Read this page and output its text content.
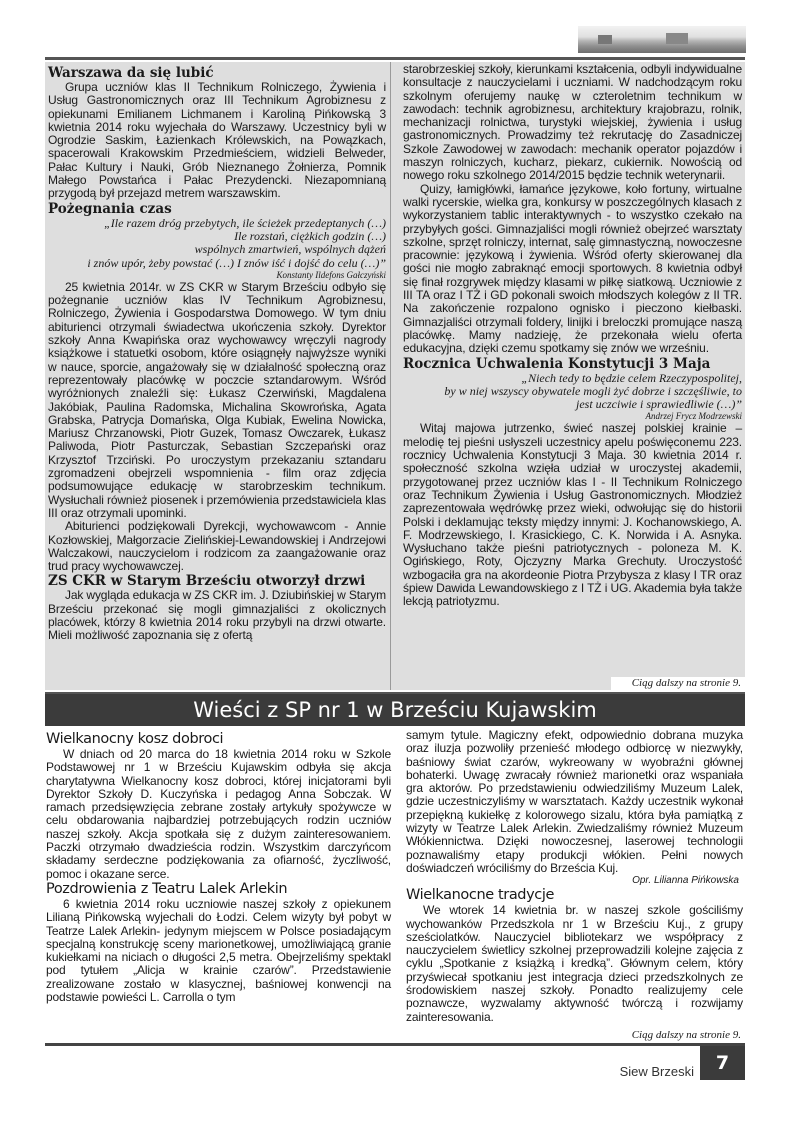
Warszawa da się lubić

Grupa uczniów klas II Technikum Rolniczego, Żywienia i Usług Gastronomicznych oraz III Technikum Agrobiznesu z opiekunami Emilianem Lichmanem i Karoliną Pińkowską 3 kwietnia 2014 roku wyjechała do Warszawy. Uczestnicy byli w Ogrodzie Saskim, Łazienkach Królewskich, na Powązkach, spacerowali Krakowskim Przedmieściem, widzieli Belweder, Pałac Kultury i Nauki, Grób Nieznanego Żołnierza, Pomnik Małego Powstańca i Pałac Prezydencki. Niezapomnianą przygodą był przejazd metrem warszawskim.

Pożegnania czas

„Ile razem dróg przebytych, ile ścieżek przedeptanych (…)

Ile rozstań, ciężkich godzin (…)

wspólnych zmartwień, wspólnych dążeń

i znów upór, żeby powstać (…) I znów iść i dojść do celu (…)”

Konstanty Ildefons Gałczyński

25 kwietnia 2014r. w ZS CKR w Starym Brześciu odbyło się pożegnanie uczniów klas IV Technikum Agrobiznesu, Rolniczego, Żywienia i Gospodarstwa Domowego. W tym dniu abiturienci otrzymali świadectwa ukończenia szkoły. Dyrektor szkoły Anna Kwapińska oraz wychowawcy wręczyli nagrody książkowe i statuetki osobom, które osiągnęły najwyższe wyniki w nauce, sporcie, angażowały się w działalność społeczną oraz reprezentowały placówkę w poczcie sztandarowym. Wśród wyróżnionych znaleźli się: Łukasz Czerwiński, Magdalena Jakóbiak, Paulina Radomska, Michalina Skowrońska, Agata Grabska, Patrycja Domańska, Olga Kubiak, Ewelina Nowicka, Mariusz Chrzanowski, Piotr Guzek, Tomasz Owczarek, Łukasz Paliwoda, Piotr Pasturczak, Sebastian Szczepański oraz Krzysztof Trzciński. Po uroczystym przekazaniu sztandaru zgromadzeni obejrzeli wspomnienia - film oraz zdjęcia podsumowujące edukację w starobrzeskim technikum. Wysłuchali również piosenek i przemówienia przedstawiciela klas III oraz otrzymali upominki.

Abiturienci podziękowali Dyrekcji, wychowawcom - Annie Kozłowskiej, Małgorzacie Zielińskiej-Lewandowskiej i Andrzejowi Walczakowi, nauczycielom i rodzicom za zaangażowanie oraz trud pracy wychowawczej.

ZS CKR w Starym Brześciu otworzył drzwi

Jak wygląda edukacja w ZS CKR im. J. Dziubińskiej w Starym Brześciu przekonać się mogli gimnazjaliści z okolicznych placówek, którzy 8 kwietnia 2014 roku przybyli na drzwi otwarte. Mieli możliwość zapoznania się z ofertą

starobrzeskiej szkoły, kierunkami kształcenia, odbyli indywidualne konsultacje z nauczycielami i uczniami. W nadchodzącym roku szkolnym oferujemy naukę w czteroletnim technikum w zawodach: technik agrobiznesu, architektury krajobrazu, rolnik, mechanizacji rolnictwa, turystyki wiejskiej, żywienia i usług gastronomicznych. Prowadzimy też rekrutację do Zasadniczej Szkole Zawodowej w zawodach: mechanik operator pojazdów i maszyn rolniczych, kucharz, piekarz, cukiernik. Nowością od nowego roku szkolnego 2014/2015 będzie technik weterynarii.

Quizy, łamigłówki, łamańce językowe, koło fortuny, wirtualne walki rycerskie, wielka gra, konkursy w poszczególnych klasach z wykorzystaniem tablic interaktywnych - to wszystko czekało na przybyłych gości. Gimnazjaliści mogli również obejrzeć warsztaty szkolne, sprzęt rolniczy, internat, salę gimnastyczną, nowoczesne pracownie: językową i żywienia. Wśród oferty skierowanej dla gości nie mogło zabraknąć emocji sportowych. 8 kwietnia odbył się finał rozgrywek między klasami w piłkę siatkową. Uczniowie z III TA oraz I TŻ i GD pokonali swoich młodszych kolegów z II TR. Na zakończenie rozpalono ognisko i pieczono kiełbaski. Gimnazjaliści otrzymali foldery, linijki i breloczki promujące naszą placówkę. Mamy nadzieję, że przekonała wielu oferta edukacyjna, dzięki czemu spotkamy się znów we wrześniu.

Rocznica Uchwalenia Konstytucji 3 Maja

„Niech tedy to będzie celem Rzeczypospolitej,

by w niej wszyscy obywatele mogli żyć dobrze i szczęśliwie, to

jest uczciwie i sprawiedliwie (…)”

Andrzej Frycz Modrzewski

Witaj majowa jutrzenko, świeć naszej polskiej krainie – melodię tej pieśni usłyszeli uczestnicy apelu poświęconemu 223. rocznicy Uchwalenia Konstytucji 3 Maja. 30 kwietnia 2014 r. społeczność szkolna wzięła udział w uroczystej akademii, przygotowanej przez uczniów klas I - II Technikum Rolniczego oraz Technikum Żywienia i Usług Gastronomicznych. Młodzież zaprezentowała wędrówkę przez wieki, odwołując się do historii Polski i deklamując teksty między innymi: J. Kochanowskiego, A. F. Modrzewskiego, I. Krasickiego, C. K. Norwida i A. Asnyka. Wysłuchano także pieśni patriotycznych - poloneza M. K. Ogińskiego, Roty, Ojczyzny Marka Grechuty. Uroczystość wzbogaciła gra na akordeonie Piotra Przybysza z klasy I TR oraz śpiew Dawida Lewandowskiego z I TŻ i UG. Akademia była także lekcją patriotyzmu.

Ciąg dalszy na stronie 9.
Wieści z SP nr 1 w Brześciu Kujawskim
Wielkanocny kosz dobroci

W dniach od 20 marca do 18 kwietnia 2014 roku w Szkole Podstawowej nr 1 w Brześciu Kujawskim odbyła się akcja charytatywna Wielkanocny kosz dobroci, której inicjatorami byli Dyrektor Szkoły D. Kuczyńska i pedagog Anna Sobczak. W ramach przedsięwzięcia zebrane zostały artykuły spożywcze w celu obdarowania najbardziej potrzebujących rodzin uczniów naszej szkoły. Akcja spotkała się z dużym zainteresowaniem. Paczki otrzymało dwadzieścia rodzin. Wszystkim darczyńcom składamy serdeczne podziękowania za ofiarność, życzliwość, pomoc i okazane serce.

Pozdrowienia z Teatru Lalek Arlekin

6 kwietnia 2014 roku uczniowie naszej szkoły z opiekunem Lilianą Pińkowską wyjechali do Łodzi. Celem wizyty był pobyt w Teatrze Lalek Arlekin- jedynym miejscem w Polsce posiadającym specjalną konstrukcję sceny marionetkowej, umożliwiającą granie kukiełkami na niciach o długości 2,5 metra. Obejrzeliśmy spektakl pod tytułem „Alicja w krainie czarów”. Przedstawienie zrealizowane zostało w klasycznej, baśniowej konwencji na podstawie powieści L. Carrolla o tym

samym tytule. Magiczny efekt, odpowiednio dobrana muzyka oraz iluzja pozwoliły przenieść młodego odbiorcę w niezwykły, baśniowy świat czarów, wykreowany w wyobraźni głównej bohaterki. Uwagę zwracały również marionetki oraz wspaniała gra aktorów. Po przedstawieniu odwiedziliśmy Muzeum Lalek, gdzie uczestniczyliśmy w warsztatach. Każdy uczestnik wykonał przepiękną kukiełkę z kolorowego sizalu, która była pamiątką z wizyty w Teatrze Lalek Arlekin. Zwiedzaliśmy również Muzeum Włókiennictwa. Dzięki nowoczesnej, laserowej technologii poznawaliśmy etapy produkcji włókien. Pełni nowych doświadczeń wróciliśmy do Brześcia Kuj.

Opr. Lilianna Pińkowska

Wielkanocne tradycje

We wtorek 14 kwietnia br. w naszej szkole gościliśmy wychowanków Przedszkola nr 1 w Brześciu Kuj., z grupy sześciolatków. Nauczyciel bibliotekarz we współpracy z nauczycielem świetlicy szkolnej przeprowadzili kolejne zajęcia z cyklu „Spotkanie z książką i kredką”. Głównym celem, który przyświecał spotkaniu jest integracja dzieci przedszkolnych ze środowiskiem naszej szkoły. Ponadto realizujemy cele poznawcze, wyzwalamy aktywność twórczą i rozwijamy zainteresowania.

Ciąg dalszy na stronie 9.
Siew Brzeski	7
